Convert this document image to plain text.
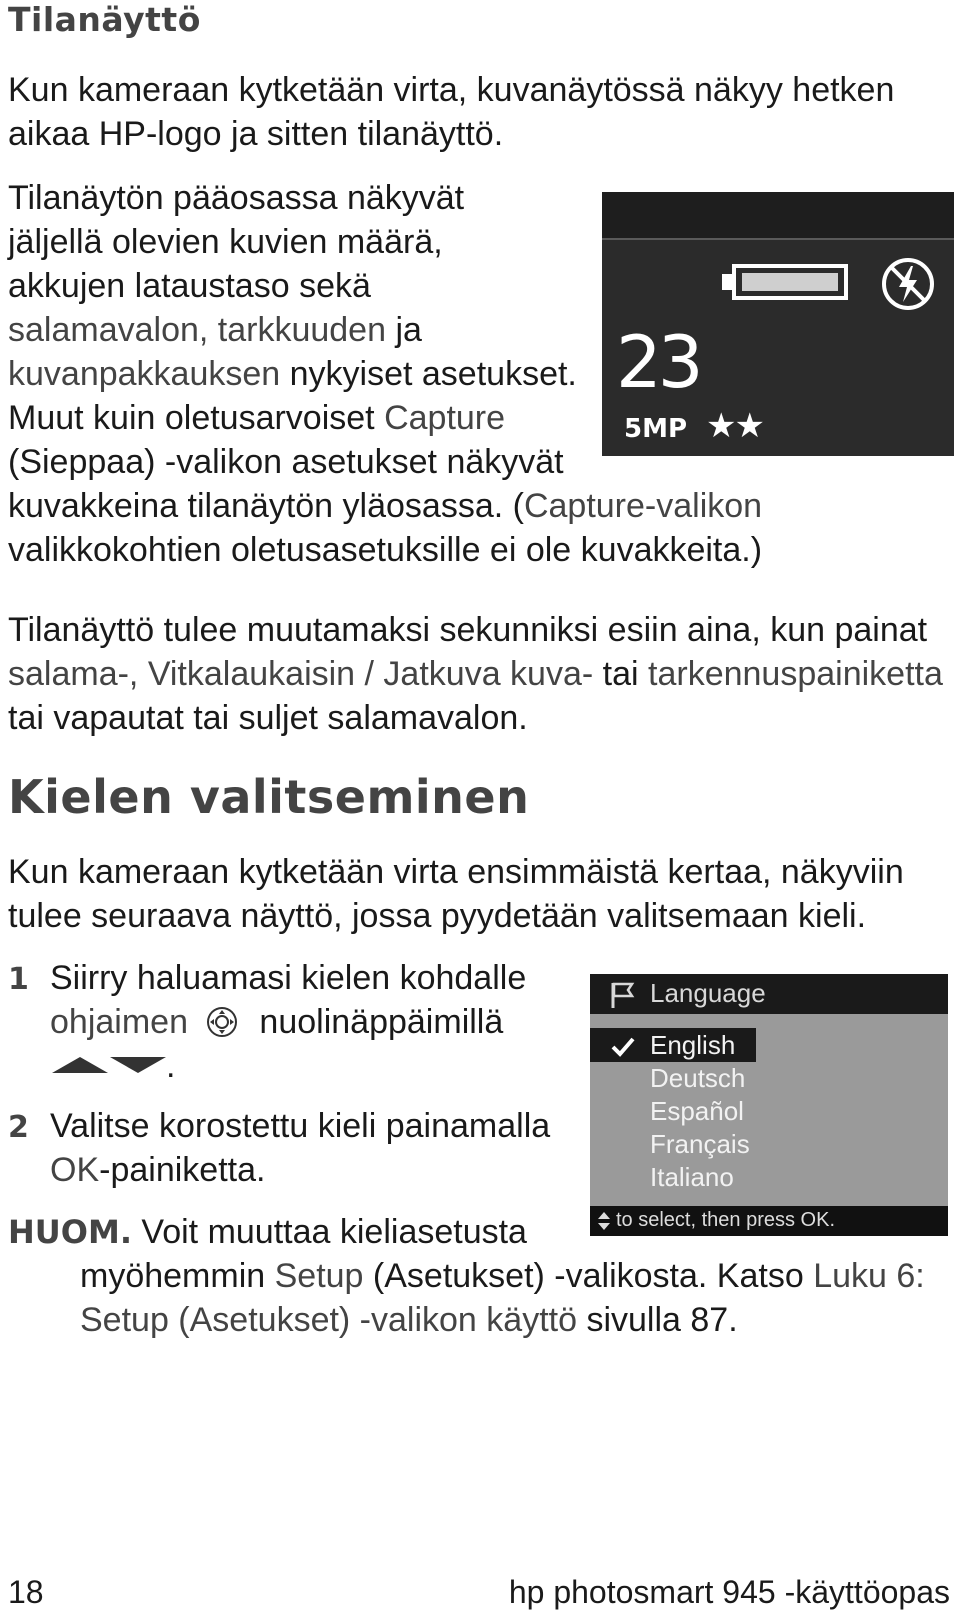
Tilanäyttö
Kun kameraan kytketään virta, kuvanäytössä näkyy hetken
aikaa HP-logo ja sitten tilanäyttö.
Tilanäytön pääosassa näkyvät
jäljellä olevien kuvien määrä,
akkujen lataustaso sekä
salamavalon, tarkkuuden ja
kuvanpakkauksen nykyiset asetukset.
Muut kuin oletusarvoiset Capture
(Sieppaa) -valikon asetukset näkyvät
kuvakkeina tilanäytön yläosassa. (Capture-valikon
valikkokohtien oletusasetuksille ei ole kuvakkeita.)
23
5MP ★★
Tilanäyttö tulee muutamaksi sekunniksi esiin aina, kun painat
salama-, Vitkalaukaisin / Jatkuva kuva- tai tarkennuspainiketta
tai vapautat tai suljet salamavalon.
Kielen valitseminen
Kun kameraan kytketään virta ensimmäistä kertaa, näkyviin
tulee seuraava näyttö, jossa pyydetään valitsemaan kieli.
1 Siirry haluamasi kielen kohdalle
ohjaimen nuolinäppäimillä
.
2 Valitse korostettu kieli painamalla
OK-painiketta.
Language
English
Deutsch
Español
Français
Italiano
to select, then press OK.
HUOM. Voit muuttaa kieliasetusta
myöhemmin Setup (Asetukset) -valikosta. Katso Luku 6:
Setup (Asetukset) -valikon käyttö sivulla 87.
18	hp photosmart 945 -käyttöopas
